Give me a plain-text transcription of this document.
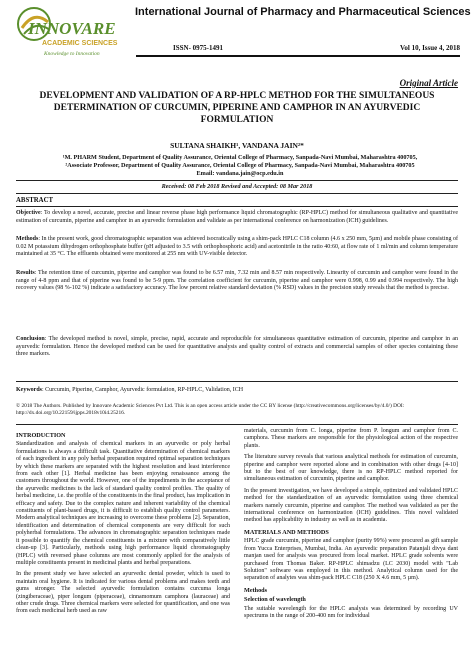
INNOVARE
ACADEMIC SCIENCES
Knowledge to Innovation
International Journal of Pharmacy and Pharmaceutical Sciences
ISSN- 0975-1491	Vol 10, Issue 4, 2018
Original Article
DEVELOPMENT AND VALIDATION OF A RP-HPLC METHOD FOR THE SIMULTANEOUS
DETERMINATION OF CURCUMIN, PIPERINE AND CAMPHOR IN AN AYURVEDIC
FORMULATION
SULTANA SHAIKH¹, VANDANA JAIN²*
¹M. PHARM Student, Department of Quality Assurance, Oriental College of Pharmacy, Sanpada-Navi Mumbai, Maharashtra 400705,
²Associate Professor, Department of Quality Assurance, Oriental College of Pharmacy, Sanpada-Navi Mumbai, Maharashtra 400705
Email: vandana.jain@ocp.edu.in
Received: 08 Feb 2018 Revised and Accepted: 08 Mar 2018
ABSTRACT
Objective: To develop a novel, accurate, precise and linear reverse phase high performance liquid chromatographic (RP-HPLC) method for simultaneous qualitative and quantitative estimation of curcumin, piperine and camphor in an ayurvedic formulation and validate as per international conference on harmonization (ICH) guidelines.
Methods: In the present work, good chromatographic separation was achieved isocratically using a shim-pack HPLC C18 column (4.6 x 250 mm, 5µm) and mobile phase consisting of 0.02 M potassium dihydrogen orthophosphate buffer (pH adjusted to 3.5 with orthophosphoric acid) and acetonitrile in the ratio 40:60, at flow rate of 1 ml/min and column temperature maintained at 35 °C. The effluents obtained were monitored at 255 nm with UV-visible detector.
Results: The retention time of curcumin, piperine and camphor was found to be 6.57 min, 7.32 min and 8.57 min respectively. Linearity of curcumin and camphor were found in the range of 4-8 ppm and that of piperine was found to be 5-9 ppm. The correlation coefficient for curcumin, piperine and camphor were 0.998, 0.99 and 0.994 respectively. The high recovery values (98 %-102 %) indicate a satisfactory accuracy. The low percent relative standard deviation (% RSD) values in the precision study reveals that the method is precise.
Conclusion: The developed method is novel, simple, precise, rapid, accurate and reproducible for simultaneous quantitative estimation of curcumin, piperine and camphor in an ayurvedic formulation. Hence the developed method can be used for quantitative analysis and quality control of extracts and commercial samples of other species containing these three markers.
Keywords: Curcumin, Piperine, Camphor, Ayurvedic formulation, RP-HPLC, Validation, ICH
© 2018 The Authors. Published by Innovare Academic Sciences Pvt Ltd. This is an open access article under the CC BY license (http://creativecommons.org/licenses/by/4.0/) DOI: http://dx.doi.org/10.22159/ijpps.2018v10i4.25216.
INTRODUCTION
Standardization and analysis of chemical markers in an ayurvedic or poly herbal formulations is always a difficult task. Quantitative determination of chemical markers of each ingredient in any poly herbal preparation required optimal separation techniques by which these markers are separated with the highest resolution and least interference from each other [1]. Herbal medicine has been enjoying renaissance among the customers throughout the world. However, one of the impediments in the acceptance of the ayurvedic medicines is the lack of standard quality control profiles. The quality of herbal medicine, i.e. the profile of the constituents in the final product, has implication in efficacy and safety. Due to the complex nature and inherent variability of the chemical constituents of plant-based drugs, it is difficult to establish quality control parameters. Modern analytical techniques are increasing to overcome these problems [2]. Separation, identification and determination of chemical components are very difficult for such polyherbal formulations. The advances in chromatographic separation techniques made it possible to quantify the chemical constituents in a mixture with comparatively little clean-up [3]. Particularly, methods using high performance liquid chromatography (HPLC) with reversed phase columns are most commonly applied for the analysis of multiple constituents present in medicinal plants and herbal preparations.
In the present study we have selected an ayurvedic dental powder, which is used to maintain oral hygiene. It is indicated for various dental problems and makes teeth and gums stronger. The selected ayurvedic formulation contains curcuma longa (zingiberaceae), piper longum (piperaceae), cinnamomum camphora (lauraceae) and other crude drugs. Three chemical markers were selected for quantification, and one was from each medicinal herb used as raw
materials, curcumin from C. longa, piperine from P. longum and camphor from C. camphora. These markers are responsible for the physiological action of the respective plants.
The literature survey reveals that various analytical methods for estimation of curcumin, piperine and camphor were reported alone and in combination with other drugs [4-10] but to the best of our knowledge, there is no RP-HPLC method reported for simultaneous estimation of curcumin, piperine and camphor.
In the present investigation, we have developed a simple, optimized and validated HPLC method for the standardization of an ayurvedic formulation using three chemical markers namely curcumin, piperine and camphor. The method was validated as per the international conference on harmonization (ICH) guidelines. This novel validated method has applicability in industry as well as in academia.
MATERIALS AND METHODS
HPLC grade curcumin, piperine and camphor (purity 99%) were procured as gift sample from Yucca Enterprises, Mumbai, India. An ayurvedic preparation Patanjali divya dant manjan used for analysis was procured from local market. HPLC grade solvents were purchased from Thomas Baker. RP-HPLC shimadzu (LC 2030) model with "Lab Solution" software was employed in this method. Analytical column used for the separation of analytes was shim-pack HPLC C18 (250 X 4.6 mm, 5 µm).
Methods
Selection of wavelength
The suitable wavelength for the HPLC analysis was determined by recording UV spectrums in the range of 200-400 nm for individual
